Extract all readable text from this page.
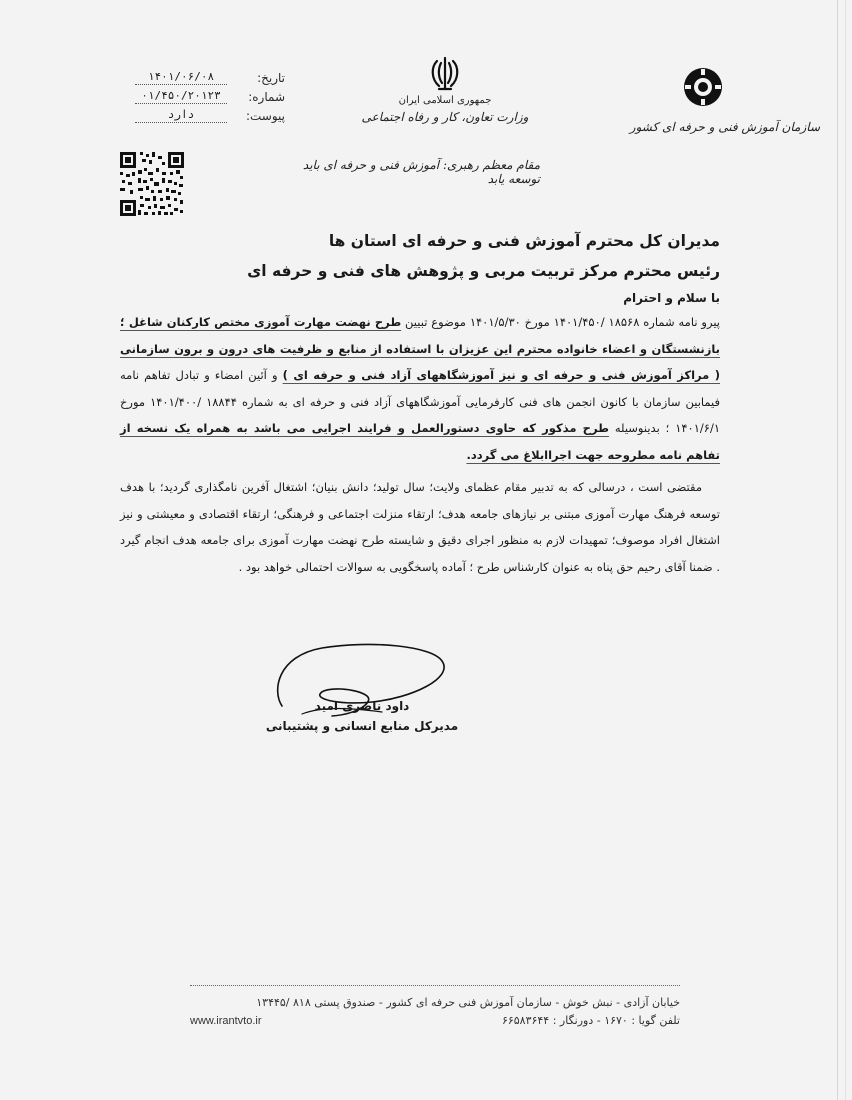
تاریخ:
۱۴۰۱/۰۶/۰۸
شماره:
۰۱/۴۵۰/۲۰۱۲۳
پیوست:
دارد
جمهوری اسلامی ایران
وزارت تعاون، کار و رفاه اجتماعی
مقام معظم رهبری: آموزش فنی و حرفه ای باید توسعه یابد
سازمان آموزش فنی و حرفه ای کشور
مدیران کل محترم آموزش فنی و حرفه ای استان ها
رئیس محترم مرکز تربیت مربی و پژوهش های فنی و حرفه ای
با سلام و احترام
پیرو نامه شماره ۱۸۵۶۸ /۱۴۰۱/۴۵۰ مورخ ۱۴۰۱/۵/۳۰ موضوع تبیین طرح نهضت مهارت آموزی مختص کارکنان شاغل ؛ بازنشستگان و اعضاء خانواده محترم این عزیزان با استفاده از منابع و ظرفیت های درون و برون سازمانی ( مراکز آموزش فنی و حرفه ای و نیز آموزشگاههای آزاد فنی و حرفه ای ) و آئین امضاء و تبادل تفاهم نامه فیمابین سازمان با کانون انجمن های فنی کارفرمایی آموزشگاههای آزاد فنی و حرفه ای به شماره ۱۸۸۴۴ /۱۴۰۱/۴۰۰ مورخ ۱۴۰۱/۶/۱ ؛ بدینوسیله طرح مذکور که حاوی دستورالعمل و فرایند اجرایی می باشد به همراه یک نسخه از تفاهم نامه مطروحه جهت اجراابلاغ می گردد.
مقتضی است ، درسالی که به تدبیر مقام عظمای ولایت؛ سال تولید؛ دانش بنیان؛ اشتغال آفرین نامگذاری گردید؛ با هدف توسعه فرهنگ مهارت آموزی مبتنی بر نیازهای جامعه هدف؛ ارتقاء منزلت اجتماعی و فرهنگی؛ ارتقاء اقتصادی و معیشتی و نیز اشتغال افراد موصوف؛ تمهیدات لازم به منظور اجرای دقیق و شایسته طرح نهضت مهارت آموزی برای جامعه هدف انجام گیرد . ضمنا آقای رحیم حق پناه به عنوان کارشناس طرح ؛ آماده پاسخگویی به سوالات احتمالی خواهد بود .
داود ناصری امید
مدیرکل منابع انسانی و پشتیبانی
خیابان آزادی - نبش خوش - سازمان آموزش فنی حرفه ای کشور - صندوق پستی ۸۱۸ /۱۳۴۴۵
تلفن گویا : ۱۶۷۰ - دورنگار : ۶۶۵۸۳۶۴۴
www.irantvto.ir
